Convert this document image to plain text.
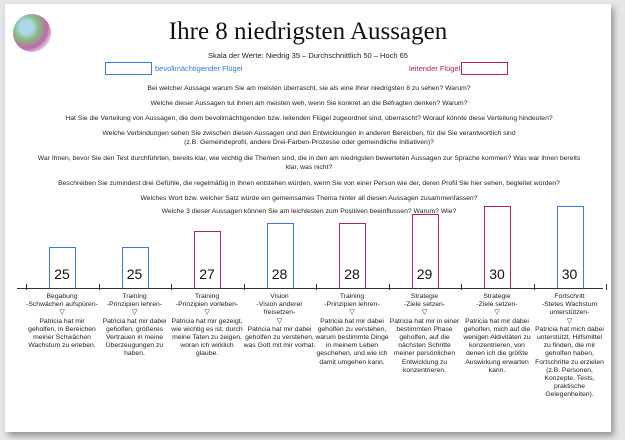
Ihre 8 niedrigsten Aussagen
Skala der Werte: Niedrig 35 – Durchschnittlich 50 – Hoch 65
bevollmächtigender Flügel	leitender Flügel
Bei welcher Aussage warum Sie am meisten überrascht, sie als eine Ihrer niedrigsten 8 zu sehen? Warum?
Welche dieser Aussagen tut ihnen am meisten weh, wenn Sie konkret an die Befragten denken? Warum?
Hat Sie die Verteilung von Aussagen, die dem bevollmächtigenden bzw. leitenden Flügel zugeordnet sind, überrascht? Worauf könnte diese Verteilung hindeuten?
Welche Verbindungen sehen Sie zwischen diesen Aussagen und den Entwicklungen in anderen Bereichen, für die Sie verantwortlich sind
(z.B. Gemeindeprofil, andere Drei-Farben-Prozesse oder gemeindliche Initiativen)?
War Ihnen, bevor Sie den Test durchführten, bereits klar, wie wichtig die Themen sind, die in den am niedrigsten bewerteten Aussagen zur Sprache kommen? Was war ihnen bereits klar, was nicht?
Beschreiben Sie zumindest drei Gefühle, die regelmäßig in Ihnen entstehen würden, wenn Sie von einer Person wie der, deren Profil Sie hier sehen, begleitet würden?
Welches Wort bzw. welcher Satz würde ein gemeinsames Thema hinter all diesen Aussagen zusammenfassen?
Welche 3 dieser Aussagen können Sie am leichtesten zum Positiven beeinflussen? Warum? Wie?
25
Begabung
-Schwächen aufspüren-
▽
Patricia hat mir geholfen, in Bereichen meiner Schwächen Wachstum zu erleben.
25
Training
-Prinzipien lehren-
▽
Patricia hat mir dabei geholfen, größeres Vertrauen in meine Überzeugungen zu haben.
27
Training
-Prinzipien vorleben-
▽
Patricia hat mir gezeigt, wie wichtig es ist, durch meine Taten zu zeigen, woran ich wirklich glaube.
28
Vision
-Vision anderer freisetzen-
▽
Patricia hat mir dabei geholfen zu verstehen, was Gott mit mir vorhat.
28
Training
-Prinzipien lehren-
▽
Patricia hat mir dabei geholfen zu verstehen, warum bestimmte Dinge in meinem Leben geschehen, und wie ich damit umgehen kann.
29
Strategie
-Ziele setzen-
▽
Patricia hat mir in einer bestimmten Phase geholfen, auf die nächsten Schritte meiner persönlichen Entwicklung zu konzentrieren.
30
Strategie
-Ziele setzen-
▽
Patricia hat mir dabei geholfen, mich auf die wenigen Aktivitäten zu konzentrieren, von denen ich die größte Auswirkung erwarten kann.
30
Fortschritt
-Stetes Wachstum unterstützen-
▽
Patricia hat mich dabei unterstützt, Hilfsmittel zu finden, die mir geholfen haben, Fortschritte zu erzielen (z.B. Personen, Konzepte, Tests, praktische Gelegenheiten).
